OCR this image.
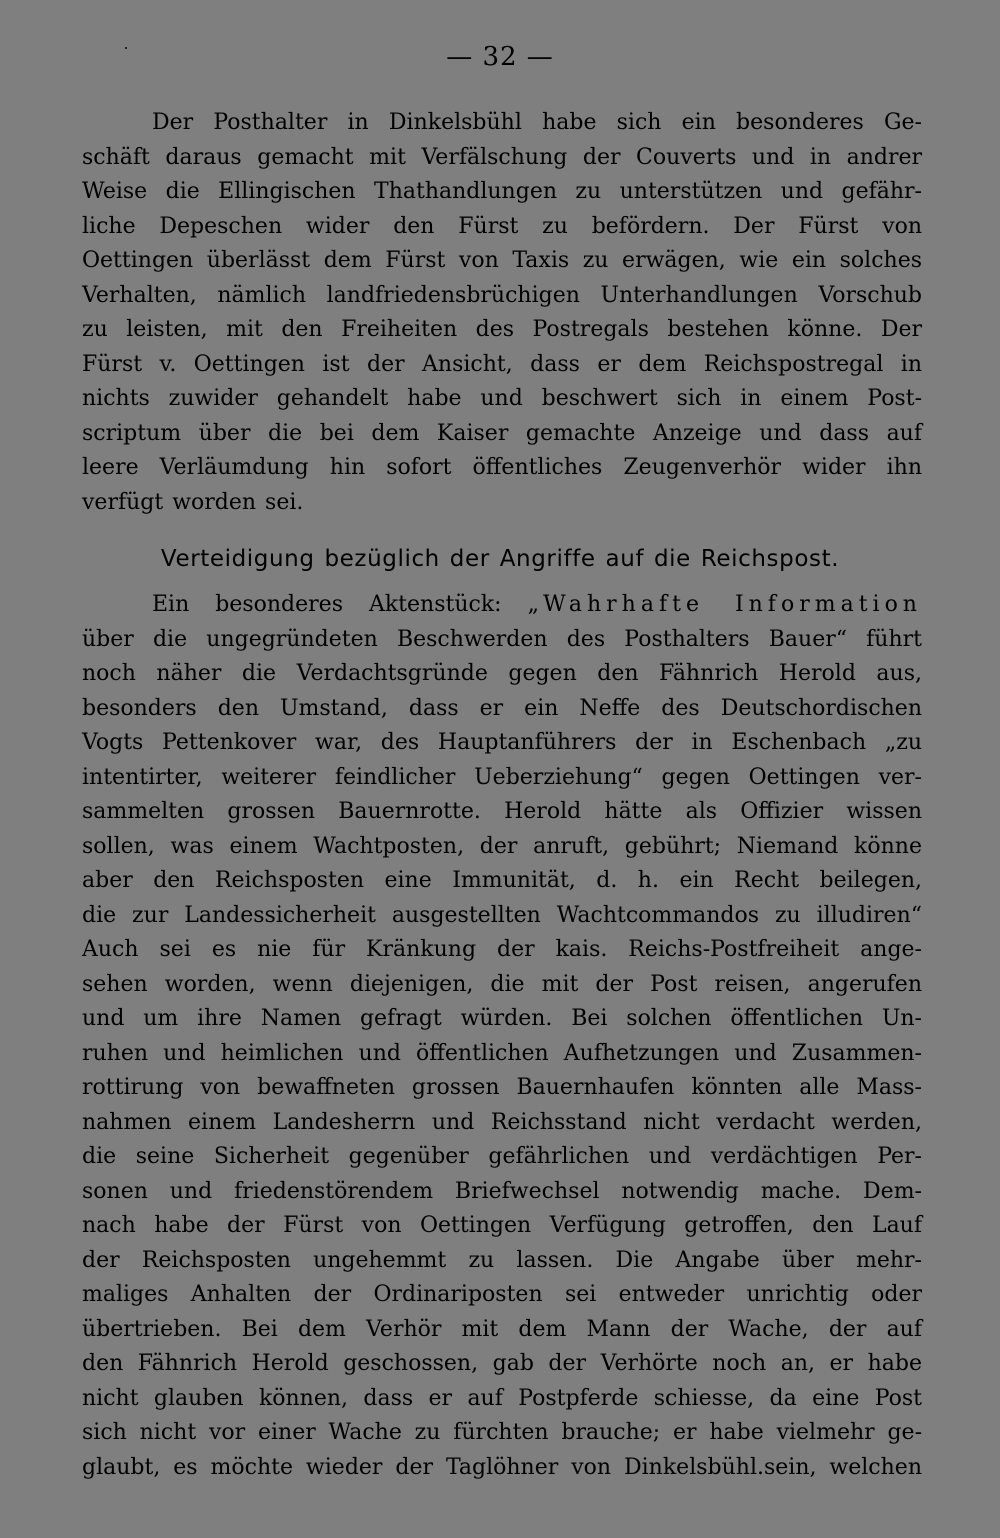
— 32 —
Der Posthalter in Dinkelsbühl habe sich ein besonderes Ge-
schäft daraus gemacht mit Verfälschung der Couverts und in andrer
Weise die Ellingischen Thathandlungen zu unterstützen und gefähr-
liche Depeschen wider den Fürst zu befördern. Der Fürst von
Oettingen überlässt dem Fürst von Taxis zu erwägen, wie ein solches
Verhalten, nämlich landfriedensbrüchigen Unterhandlungen Vorschub
zu leisten, mit den Freiheiten des Postregals bestehen könne. Der
Fürst v. Oettingen ist der Ansicht, dass er dem Reichspostregal in
nichts zuwider gehandelt habe und beschwert sich in einem Post-
scriptum über die bei dem Kaiser gemachte Anzeige und dass auf
leere Verläumdung hin sofort öffentliches Zeugenverhör wider ihn
verfügt worden sei.
Verteidigung bezüglich der Angriffe auf die Reichspost.
Ein besonderes Aktenstück: „Wahrhafte Information
über die ungegründeten Beschwerden des Posthalters Bauer“ führt
noch näher die Verdachtsgründe gegen den Fähnrich Herold aus,
besonders den Umstand, dass er ein Neffe des Deutschordischen
Vogts Pettenkover war, des Hauptanführers der in Eschenbach „zu
intentirter, weiterer feindlicher Ueberziehung“ gegen Oettingen ver-
sammelten grossen Bauernrotte. Herold hätte als Offizier wissen
sollen, was einem Wachtposten, der anruft, gebührt; Niemand könne
aber den Reichsposten eine Immunität, d. h. ein Recht beilegen,
die zur Landessicherheit ausgestellten Wachtcommandos zu illudiren“
Auch sei es nie für Kränkung der kais. Reichs-Postfreiheit ange-
sehen worden, wenn diejenigen, die mit der Post reisen, angerufen
und um ihre Namen gefragt würden. Bei solchen öffentlichen Un-
ruhen und heimlichen und öffentlichen Aufhetzungen und Zusammen-
rottirung von bewaffneten grossen Bauernhaufen könnten alle Mass-
nahmen einem Landesherrn und Reichsstand nicht verdacht werden,
die seine Sicherheit gegenüber gefährlichen und verdächtigen Per-
sonen und friedenstörendem Briefwechsel notwendig mache. Dem-
nach habe der Fürst von Oettingen Verfügung getroffen, den Lauf
der Reichsposten ungehemmt zu lassen. Die Angabe über mehr-
maliges Anhalten der Ordinariposten sei entweder unrichtig oder
übertrieben. Bei dem Verhör mit dem Mann der Wache, der auf
den Fähnrich Herold geschossen, gab der Verhörte noch an, er habe
nicht glauben können, dass er auf Postpferde schiesse, da eine Post
sich nicht vor einer Wache zu fürchten brauche; er habe vielmehr ge-
glaubt, es möchte wieder der Taglöhner von Dinkelsbühl.sein, welchen
